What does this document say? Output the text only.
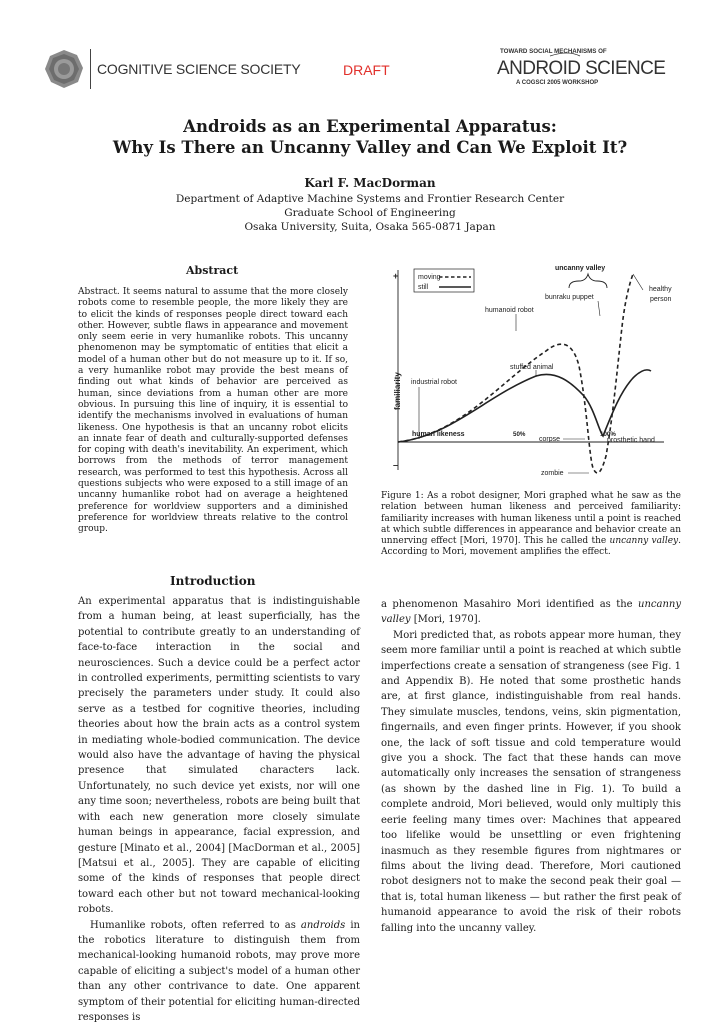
COGNITIVE SCIENCE SOCIETY	DRAFT
TOWARD SOCIAL MECHANISMS OF
ANDROID SCIENCE
A COGSCI 2005 WORKSHOP
Androids as an Experimental Apparatus:
Why Is There an Uncanny Valley and Can We Exploit It?
Karl F. MacDorman
Department of Adaptive Machine Systems and Frontier Research Center
Graduate School of Engineering
Osaka University, Suita, Osaka 565-0871 Japan
Abstract

Abstract. It seems natural to assume that the more closely robots come to resemble people, the more likely they are to elicit the kinds of responses people direct toward each other. However, subtle flaws in appearance and movement only seem eerie in very humanlike robots. This uncanny phenomenon may be symptomatic of entities that elicit a model of a human other but do not measure up to it. If so, a very humanlike robot may provide the best means of finding out what kinds of behavior are perceived as human, since deviations from a human other are more obvious. In pursuing this line of inquiry, it is essential to identify the mechanisms involved in evaluations of human likeness. One hypothesis is that an uncanny robot elicits an innate fear of death and culturally-supported defenses for coping with death's inevitability. An experiment, which borrows from the methods of terror management research, was performed to test this hypothesis. Across all questions subjects who were exposed to a still image of an uncanny humanlike robot had on average a heightened preference for worldview supporters and a diminished preference for worldview threats relative to the control group.

+
–
familiarity
human likeness	50%	100%
moving
still
uncanny valley
healthy
person
bunraku puppet
humanoid robot
stuffed animal
industrial robot
corpse	prosthetic hand
zombie
Figure 1: As a robot designer, Mori graphed what he saw as the relation between human likeness and perceived familiarity: familiarity increases with human likeness until a point is reached at which subtle differences in appearance and behavior create an unnerving effect [Mori, 1970]. This he called the uncanny valley. According to Mori, movement amplifies the effect.
Introduction

An experimental apparatus that is indistinguishable from a human being, at least superficially, has the potential to contribute greatly to an understanding of face-to-face interaction in the social and neurosciences. Such a device could be a perfect actor in controlled experiments, permitting scientists to vary precisely the parameters under study. It could also serve as a testbed for cognitive theories, including theories about how the brain acts as a control system in mediating whole-bodied communication. The device would also have the advantage of having the physical presence that simulated characters lack. Unfortunately, no such device yet exists, nor will one any time soon; nevertheless, robots are being built that with each new generation more closely simulate human beings in appearance, facial expression, and gesture [Minato et al., 2004] [MacDorman et al., 2005] [Matsui et al., 2005]. They are capable of eliciting some of the kinds of responses that people direct toward each other but not toward mechanical-looking robots.

Humanlike robots, often referred to as androids in the robotics literature to distinguish them from mechanical-looking humanoid robots, may prove more capable of eliciting a subject's model of a human other than any other contrivance to date. One apparent symptom of their potential for eliciting human-directed responses is

a phenomenon Masahiro Mori identified as the uncanny valley [Mori, 1970].

Mori predicted that, as robots appear more human, they seem more familiar until a point is reached at which subtle imperfections create a sensation of strangeness (see Fig. 1 and Appendix B). He noted that some prosthetic hands are, at first glance, indistinguishable from real hands. They simulate muscles, tendons, veins, skin pigmentation, fingernails, and even finger prints. However, if you shook one, the lack of soft tissue and cold temperature would give you a shock. The fact that these hands can move automatically only increases the sensation of strangeness (as shown by the dashed line in Fig. 1). To build a complete android, Mori believed, would only multiply this eerie feeling many times over: Machines that appeared too lifelike would be unsettling or even frightening inasmuch as they resemble figures from nightmares or films about the living dead. Therefore, Mori cautioned robot designers not to make the second peak their goal — that is, total human likeness — but rather the first peak of humanoid appearance to avoid the risk of their robots falling into the uncanny valley.
